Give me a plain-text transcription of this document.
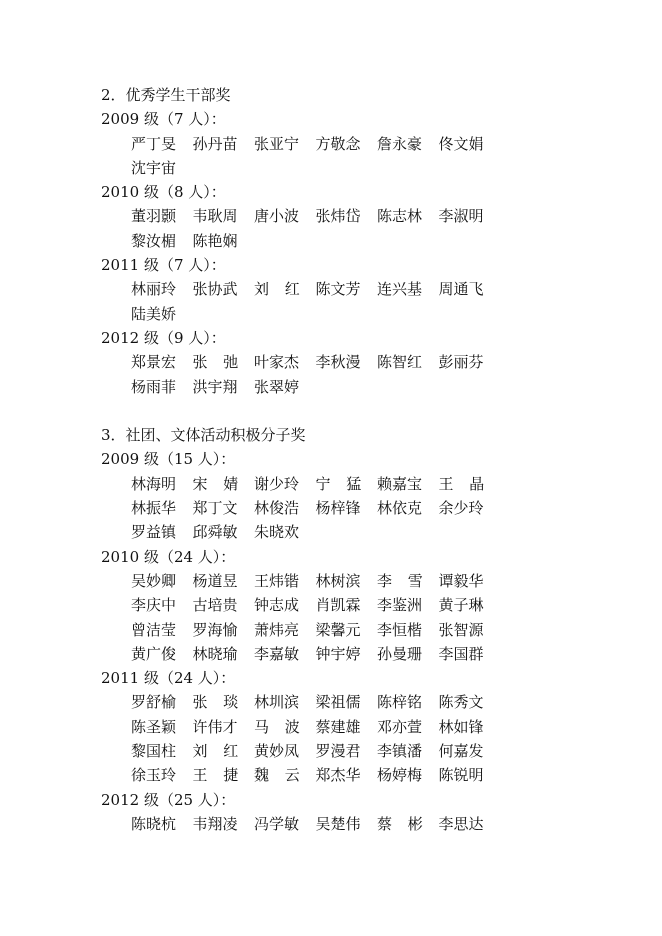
2．优秀学生干部奖
2009 级（7 人）：
严丁旻	孙丹苗	张亚宁	方敬念	詹永豪	佟文娟
沈宇宙
2010 级（8 人）：
董羽颢	韦耿周	唐小波	张炜岱	陈志林	李淑明
黎汝楣	陈艳娴
2011 级（7 人）：
林丽玲	张协武	刘红 陈文芳	连兴基	周通飞
陆美娇
2012 级（9 人）：
郑景宏	张弛 叶家杰	李秋漫	陈智红	彭丽芬
杨雨菲	洪宇翔	张翠婷
3．社团、文体活动积极分子奖
2009 级（15 人）：
林海明	宋婧 谢少玲	宁猛 赖嘉宝	王晶
林振华	郑丁文	林俊浩	杨梓锋	林依克	余少玲
罗益镇	邱舜敏	朱晓欢
2010 级（24 人）：
吴妙卿	杨道昱	王炜锴	林树滨	李雪 谭毅华
李庆中	古培贵	钟志成	肖凯霖	李鉴洲	黄子琳
曾洁莹	罗海愉	萧炜亮	梁馨元	李恒楷	张智源
黄广俊	林晓瑜	李嘉敏	钟宇婷	孙曼珊	李国群
2011 级（24 人）：
罗舒榆	张琰 林圳滨	梁祖儒	陈梓铭	陈秀文
陈圣颖	许伟才	马波 蔡建雄	邓亦萱	林如锋
黎国柱	刘红 黄妙凤	罗漫君	李镇潘	何嘉发
徐玉玲	王捷 魏云 郑杰华	杨婷梅	陈锐明
2012 级（25 人）：
陈晓杭	韦翔凌	冯学敏	吴楚伟	蔡彬 李思达
